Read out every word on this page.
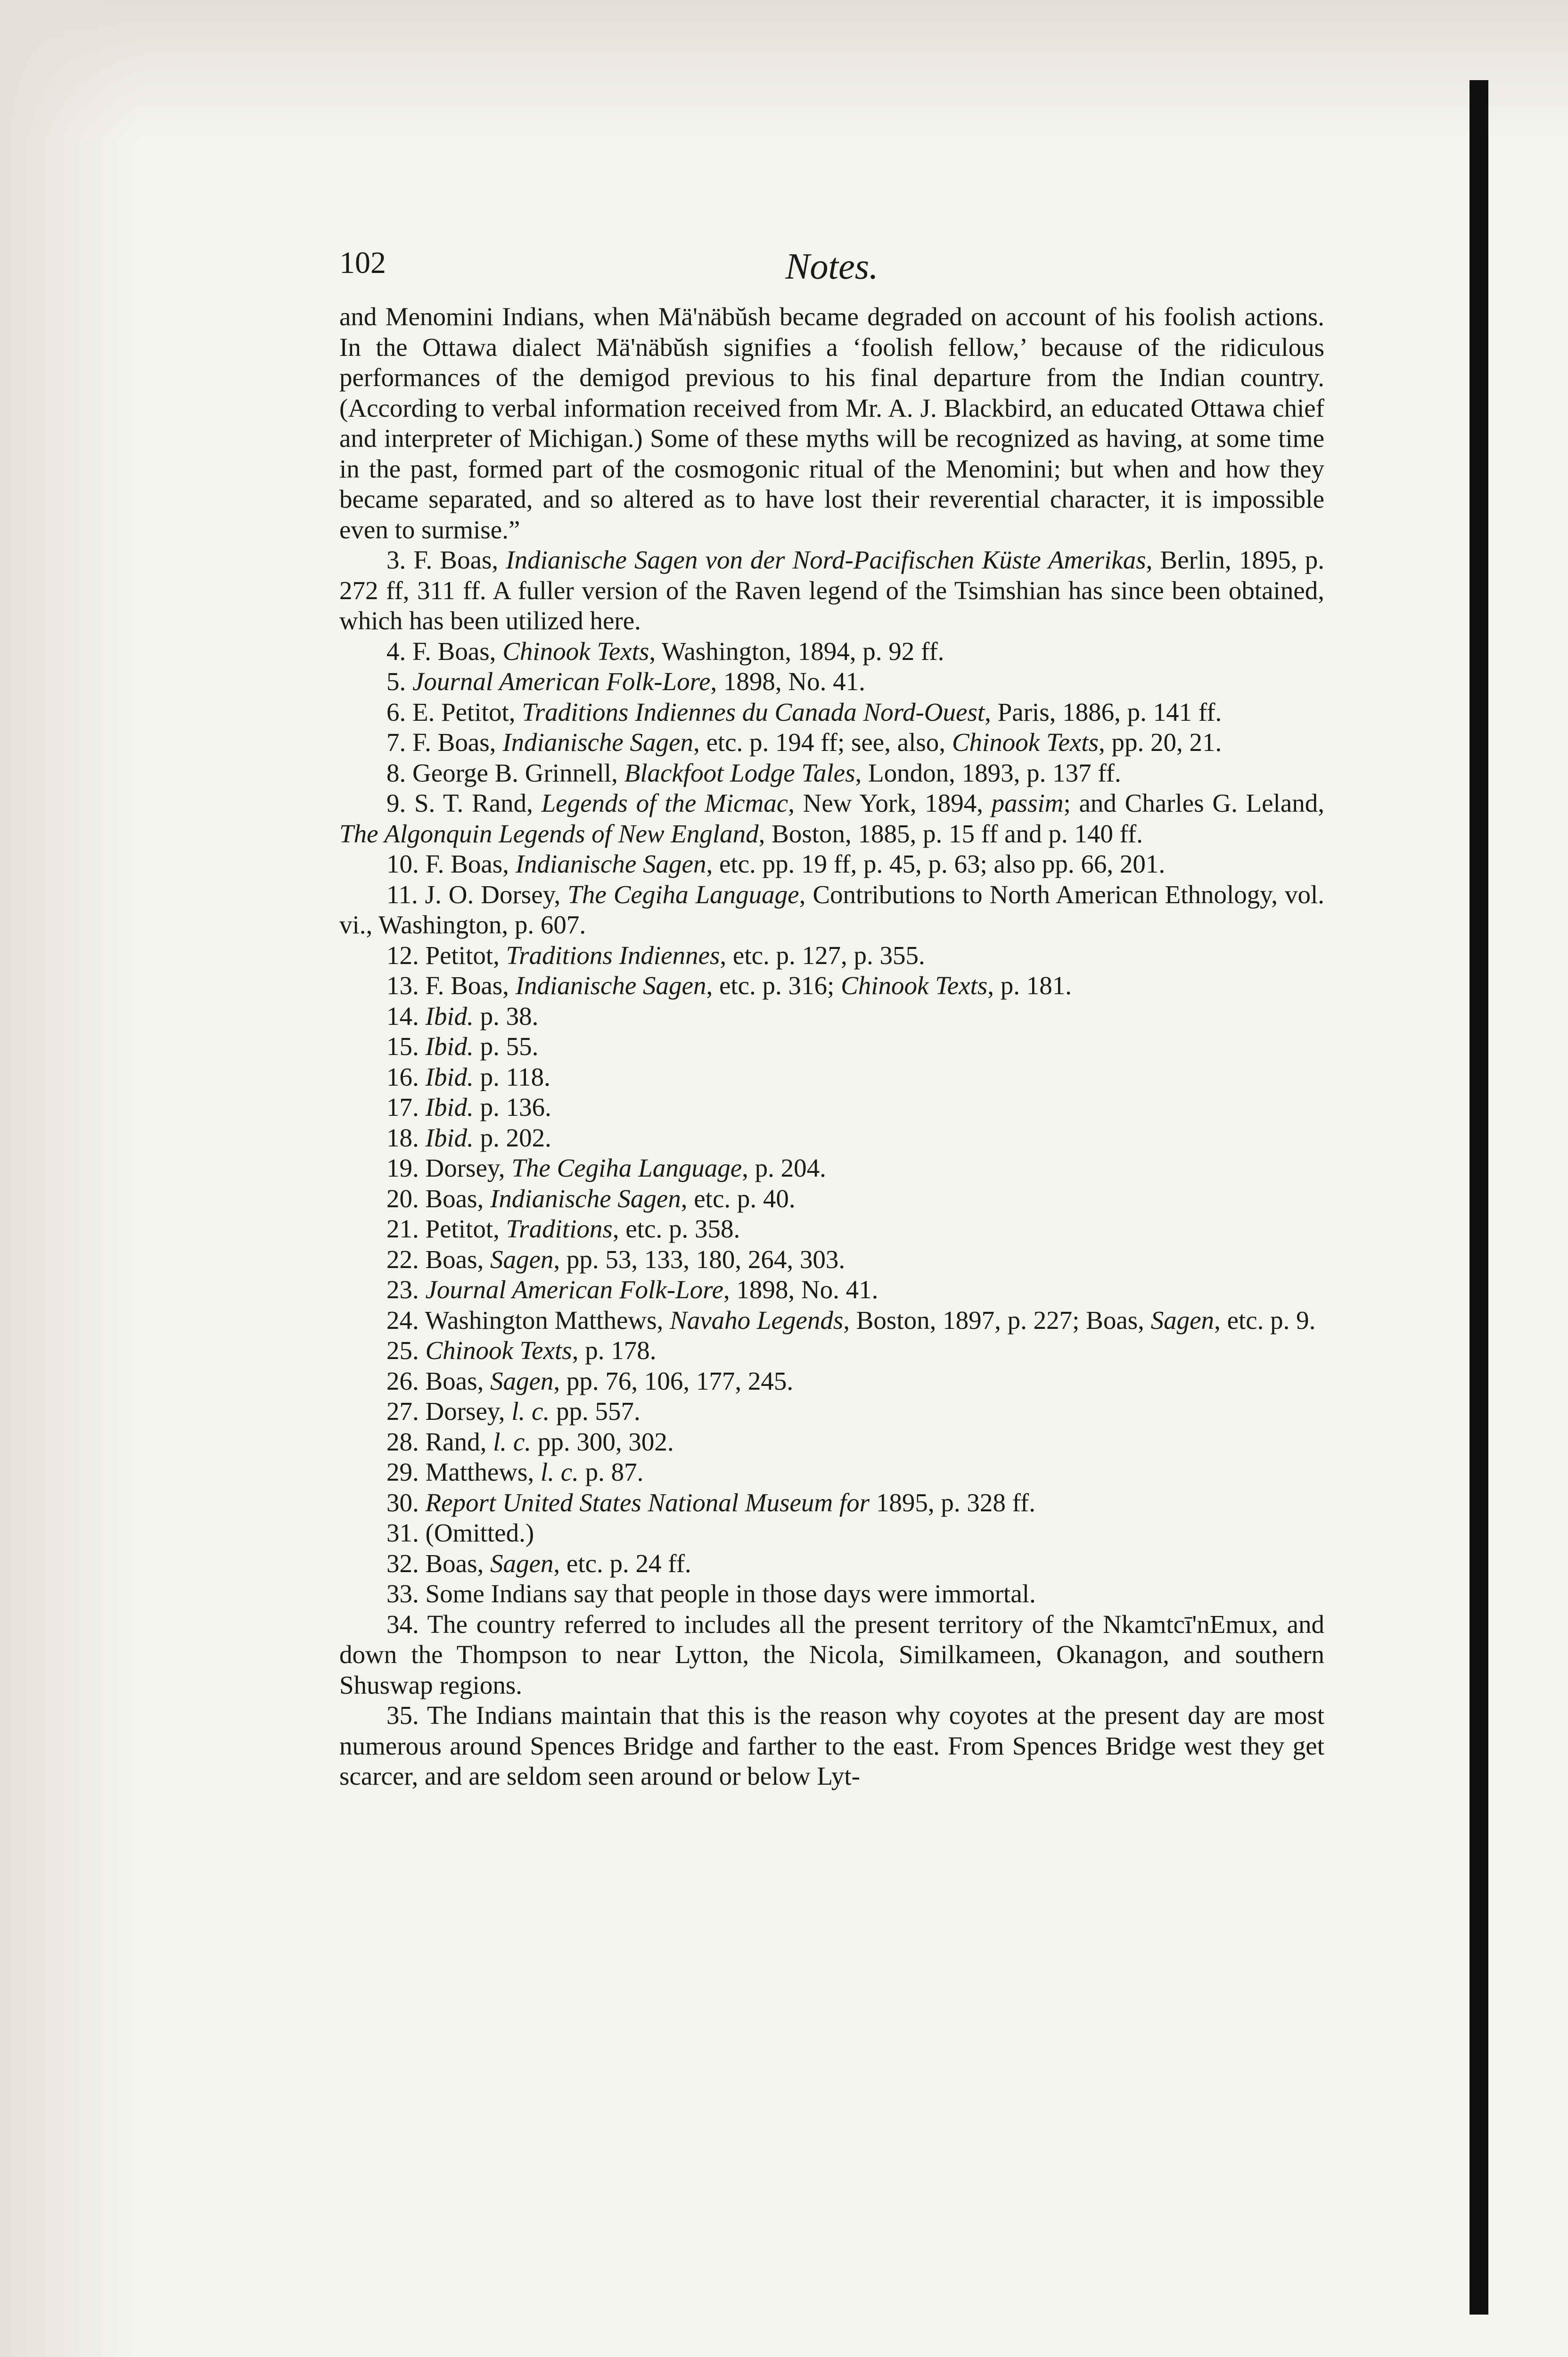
102	Notes.

and Menomini Indians, when Mä'näbŭsh became degraded on account of his foolish actions. In the Ottawa dialect Mä'näbŭsh signifies a ‘foolish fellow,’ because of the ridiculous performances of the demigod previous to his final departure from the Indian country. (According to verbal information received from Mr. A. J. Blackbird, an educated Ottawa chief and interpreter of Michigan.) Some of these myths will be recognized as having, at some time in the past, formed part of the cosmogonic ritual of the Menomini; but when and how they became separated, and so altered as to have lost their reverential character, it is impossible even to surmise.”

3. F. Boas, Indianische Sagen von der Nord-Pacifischen Küste Amerikas, Berlin, 1895, p. 272 ff, 311 ff. A fuller version of the Raven legend of the Tsimshian has since been obtained, which has been utilized here.

4. F. Boas, Chinook Texts, Washington, 1894, p. 92 ff.

5. Journal American Folk-Lore, 1898, No. 41.

6. E. Petitot, Traditions Indiennes du Canada Nord-Ouest, Paris, 1886, p. 141 ff.

7. F. Boas, Indianische Sagen, etc. p. 194 ff; see, also, Chinook Texts, pp. 20, 21.

8. George B. Grinnell, Blackfoot Lodge Tales, London, 1893, p. 137 ff.

9. S. T. Rand, Legends of the Micmac, New York, 1894, passim; and Charles G. Leland, The Algonquin Legends of New England, Boston, 1885, p. 15 ff and p. 140 ff.

10. F. Boas, Indianische Sagen, etc. pp. 19 ff, p. 45, p. 63; also pp. 66, 201.

11. J. O. Dorsey, The Cegiha Language, Contributions to North American Ethnology, vol. vi., Washington, p. 607.

12. Petitot, Traditions Indiennes, etc. p. 127, p. 355.

13. F. Boas, Indianische Sagen, etc. p. 316; Chinook Texts, p. 181.

14. Ibid. p. 38.

15. Ibid. p. 55.

16. Ibid. p. 118.

17. Ibid. p. 136.

18. Ibid. p. 202.

19. Dorsey, The Cegiha Language, p. 204.

20. Boas, Indianische Sagen, etc. p. 40.

21. Petitot, Traditions, etc. p. 358.

22. Boas, Sagen, pp. 53, 133, 180, 264, 303.

23. Journal American Folk-Lore, 1898, No. 41.

24. Washington Matthews, Navaho Legends, Boston, 1897, p. 227; Boas, Sagen, etc. p. 9.

25. Chinook Texts, p. 178.

26. Boas, Sagen, pp. 76, 106, 177, 245.

27. Dorsey, l. c. pp. 557.

28. Rand, l. c. pp. 300, 302.

29. Matthews, l. c. p. 87.

30. Report United States National Museum for 1895, p. 328 ff.

31. (Omitted.)

32. Boas, Sagen, etc. p. 24 ff.

33. Some Indians say that people in those days were immortal.

34. The country referred to includes all the present territory of the Nkamtcī'nEmux, and down the Thompson to near Lytton, the Nicola, Similkameen, Okanagon, and southern Shuswap regions.

35. The Indians maintain that this is the reason why coyotes at the present day are most numerous around Spences Bridge and farther to the east. From Spences Bridge west they get scarcer, and are seldom seen around or below Lyt-
